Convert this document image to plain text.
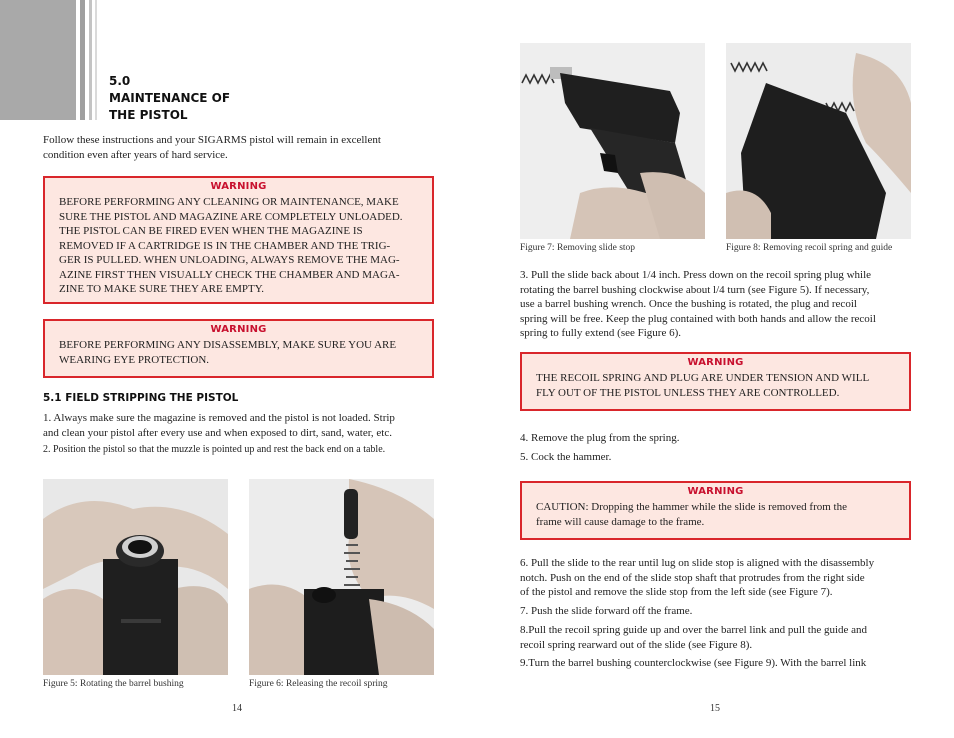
5.0
MAINTENANCE OF
THE PISTOL
Follow these instructions and your SIGARMS pistol will remain in excellent
condition even after years of hard service.
WARNING
BEFORE PERFORMING ANY CLEANING OR MAINTENANCE, MAKE
SURE THE PISTOL AND MAGAZINE ARE COMPLETELY UNLOADED.
THE PISTOL CAN BE FIRED EVEN WHEN THE MAGAZINE IS
REMOVED IF A CARTRIDGE IS IN THE CHAMBER AND THE TRIG-
GER IS PULLED. WHEN UNLOADING, ALWAYS REMOVE THE MAG-
AZINE FIRST THEN VISUALLY CHECK THE CHAMBER AND MAGA-
ZINE TO MAKE SURE THEY ARE EMPTY.
WARNING
BEFORE PERFORMING ANY DISASSEMBLY, MAKE SURE YOU ARE
WEARING EYE PROTECTION.
5.1 FIELD STRIPPING THE PISTOL
1. Always make sure the magazine is removed and the pistol is not loaded. Strip
and clean your pistol after every use and when exposed to dirt, sand, water, etc.
2. Position the pistol so that the muzzle is pointed up and rest the back end on a table.
Figure 5: Rotating the barrel bushing	Figure 6: Releasing the recoil spring
14
Figure 7: Removing slide stop	Figure 8: Removing recoil spring and guide
3. Pull the slide back about 1/4 inch. Press down on the recoil spring plug while
rotating the barrel bushing clockwise about l/4 turn (see Figure 5). If necessary,
use a barrel bushing wrench. Once the bushing is rotated, the plug and recoil
spring will be free. Keep the plug contained with both hands and allow the recoil
spring to fully extend (see Figure 6).
WARNING
THE RECOIL SPRING AND PLUG ARE UNDER TENSION AND WILL
FLY OUT OF THE PISTOL UNLESS THEY ARE CONTROLLED.
4. Remove the plug from the spring.
5. Cock the hammer.
WARNING
CAUTION: Dropping the hammer while the slide is removed from the
frame will cause damage to the frame.
6. Pull the slide to the rear until lug on slide stop is aligned with the disassembly
notch. Push on the end of the slide stop shaft that protrudes from the right side
of the pistol and remove the slide stop from the left side (see Figure 7).
7. Push the slide forward off the frame.
8.Pull the recoil spring guide up and over the barrel link and pull the guide and
recoil spring rearward out of the slide (see Figure 8).
9.Turn the barrel bushing counterclockwise (see Figure 9). With the barrel link
15
